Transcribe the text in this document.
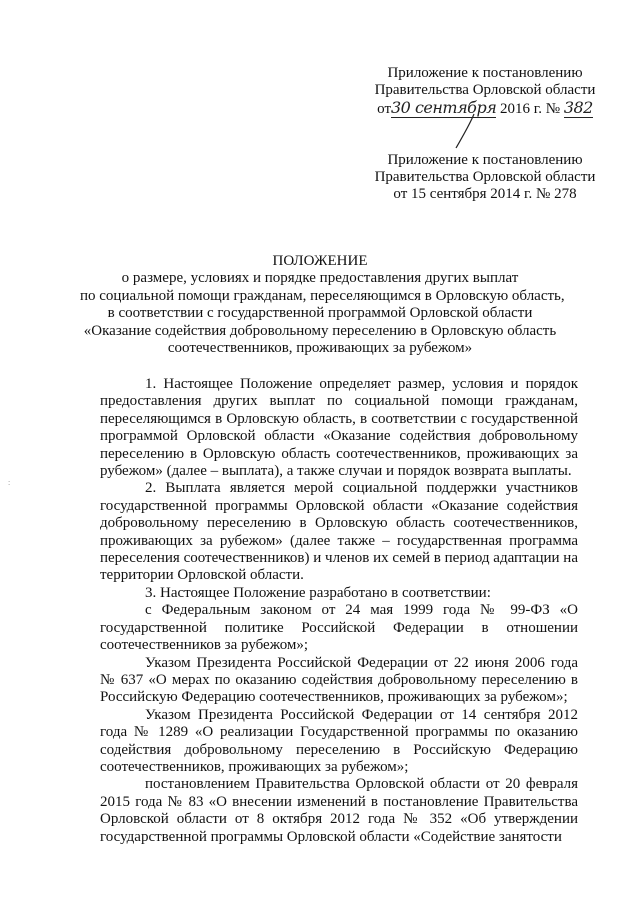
Приложение к постановлению
Правительства Орловской области
от30 сентября 2016 г. № 382
Приложение к постановлению
Правительства Орловской области
от 15 сентября 2014 г. № 278
ПОЛОЖЕНИЕ
о размере, условиях и порядке предоставления других выплат
по социальной помощи гражданам, переселяющимся в Орловскую область,
в соответствии с государственной программой Орловской области
«Оказание содействия добровольному переселению в Орловскую область
соотечественников, проживающих за рубежом»

1. Настоящее Положение определяет размер, условия и порядок предоставления других выплат по социальной помощи гражданам, переселяющимся в Орловскую область, в соответствии с государственной программой Орловской области «Оказание содействия добровольному переселению в Орловскую область соотечественников, проживающих за рубежом» (далее – выплата), а также случаи и порядок возврата выплаты.

2. Выплата является мерой социальной поддержки участников государственной программы Орловской области «Оказание содействия добровольному переселению в Орловскую область соотечественников, проживающих за рубежом» (далее также – государственная программа переселения соотечественников) и членов их семей в период адаптации на территории Орловской области.

3. Настоящее Положение разработано в соответствии:

с Федеральным законом от 24 мая 1999 года № 99-ФЗ «О государственной политике Российской Федерации в отношении соотечественников за рубежом»;

Указом Президента Российской Федерации от 22 июня 2006 года № 637 «О мерах по оказанию содействия добровольному переселению в Российскую Федерацию соотечественников, проживающих за рубежом»;

Указом Президента Российской Федерации от 14 сентября 2012 года № 1289 «О реализации Государственной программы по оказанию содействия добровольному переселению в Российскую Федерацию соотечественников, проживающих за рубежом»;

постановлением Правительства Орловской области от 20 февраля 2015 года № 83 «О внесении изменений в постановление Правительства Орловской области от 8 октября 2012 года № 352 «Об утверждении государственной программы Орловской области «Содействие занятости

:
